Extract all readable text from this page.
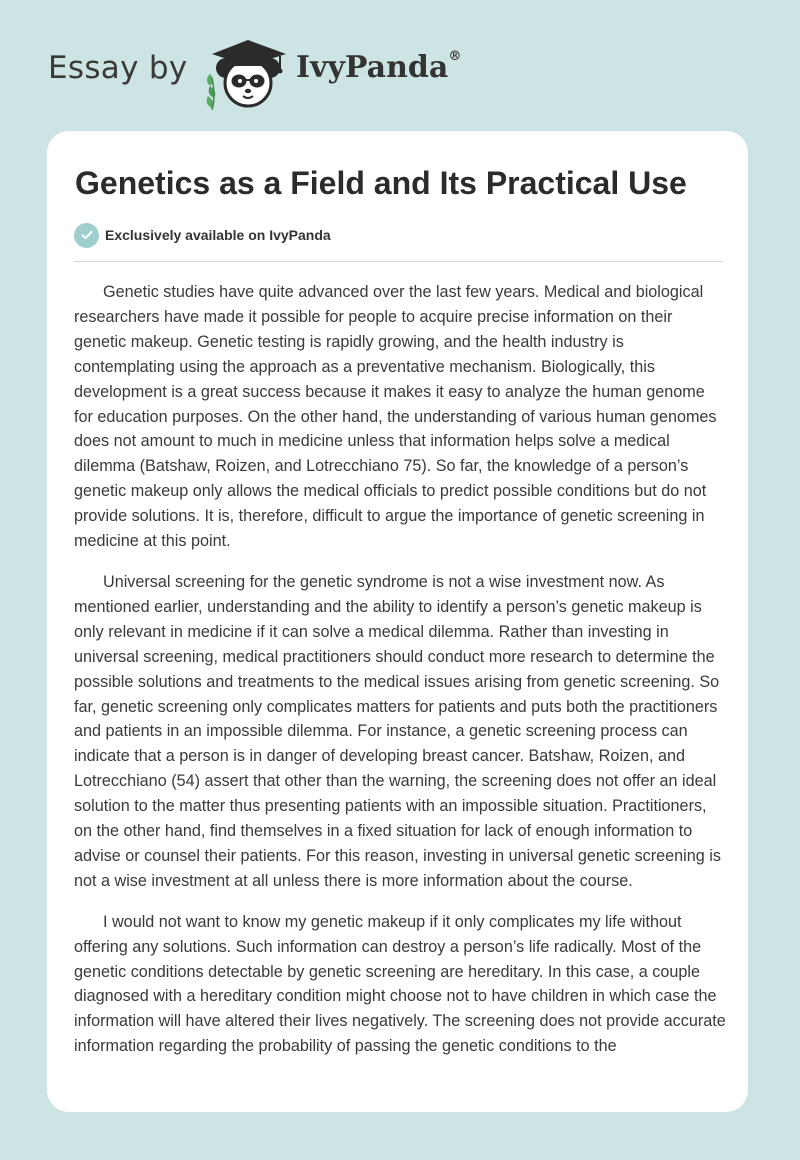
Essay by	IvyPanda®
Genetics as a Field and Its Practical Use
Exclusively available on IvyPanda

Genetic studies have quite advanced over the last few years. Medical and biological researchers have made it possible for people to acquire precise information on their genetic makeup. Genetic testing is rapidly growing, and the health industry is contemplating using the approach as a preventative mechanism. Biologically, this development is a great success because it makes it easy to analyze the human genome for education purposes. On the other hand, the understanding of various human genomes does not amount to much in medicine unless that information helps solve a medical dilemma (Batshaw, Roizen, and Lotrecchiano 75). So far, the knowledge of a person’s genetic makeup only allows the medical officials to predict possible conditions but do not provide solutions. It is, therefore, difficult to argue the importance of genetic screening in medicine at this point.

Universal screening for the genetic syndrome is not a wise investment now. As mentioned earlier, understanding and the ability to identify a person’s genetic makeup is only relevant in medicine if it can solve a medical dilemma. Rather than investing in universal screening, medical practitioners should conduct more research to determine the possible solutions and treatments to the medical issues arising from genetic screening. So far, genetic screening only complicates matters for patients and puts both the practitioners and patients in an impossible dilemma. For instance, a genetic screening process can indicate that a person is in danger of developing breast cancer. Batshaw, Roizen, and Lotrecchiano (54) assert that other than the warning, the screening does not offer an ideal solution to the matter thus presenting patients with an impossible situation. Practitioners, on the other hand, find themselves in a fixed situation for lack of enough information to advise or counsel their patients. For this reason, investing in universal genetic screening is not a wise investment at all unless there is more information about the course.

I would not want to know my genetic makeup if it only complicates my life without offering any solutions. Such information can destroy a person’s life radically. Most of the genetic conditions detectable by genetic screening are hereditary. In this case, a couple diagnosed with a hereditary condition might choose not to have children in which case the information will have altered their lives negatively. The screening does not provide accurate information regarding the probability of passing the genetic conditions to the
